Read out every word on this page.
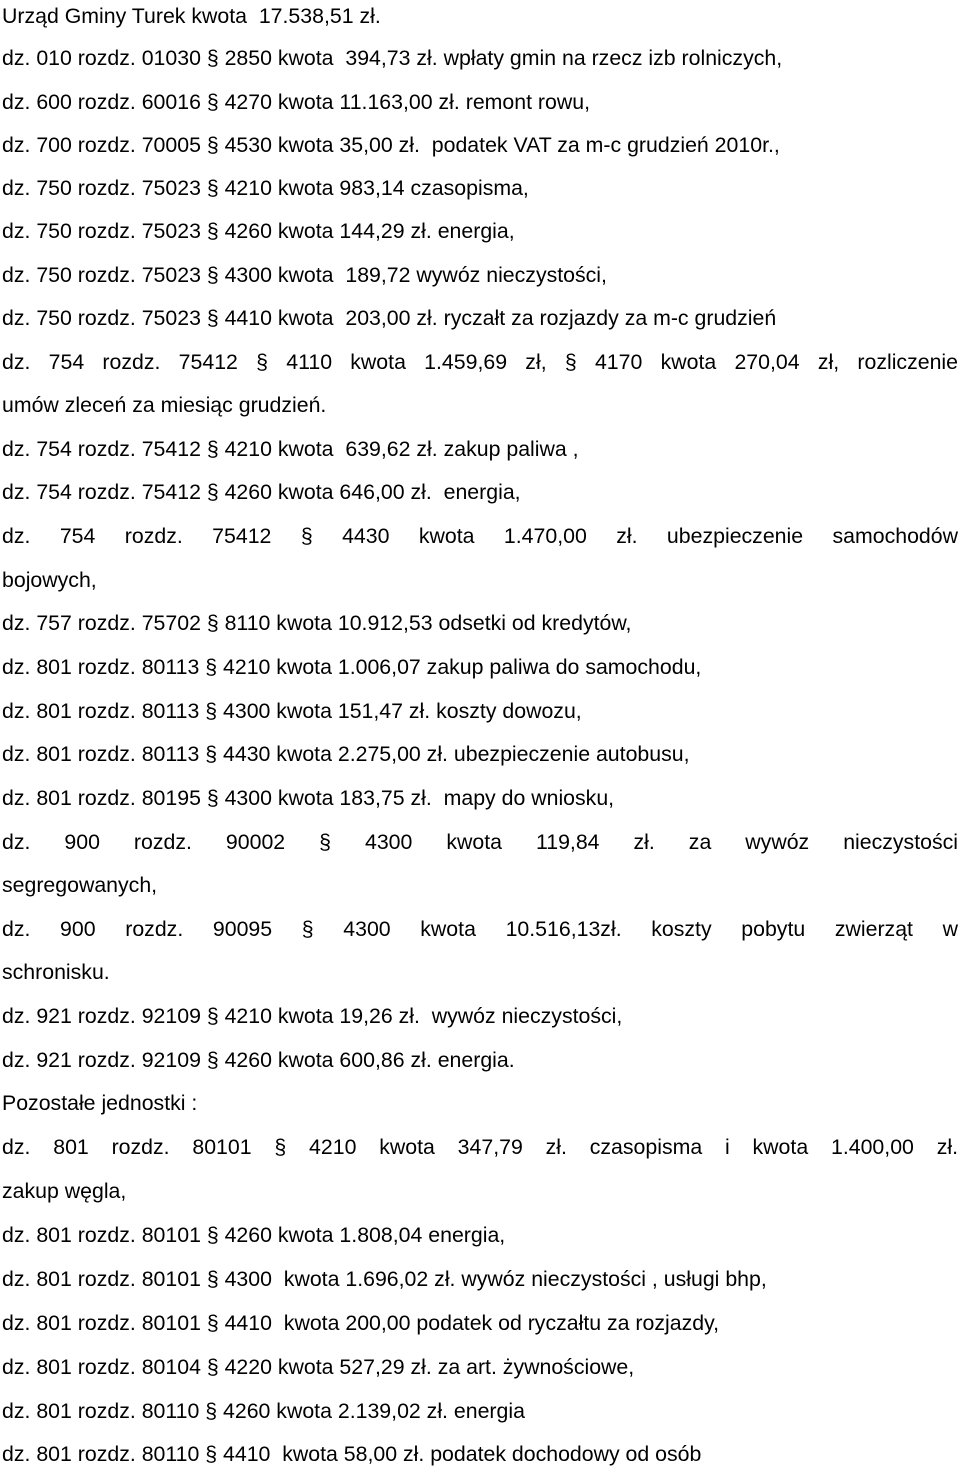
Urząd Gminy Turek kwota  17.538,51 zł.
dz. 010 rozdz. 01030 § 2850 kwota  394,73 zł. wpłaty gmin na rzecz izb rolniczych,
dz. 600 rozdz. 60016 § 4270 kwota 11.163,00 zł. remont rowu,
dz. 700 rozdz. 70005 § 4530 kwota 35,00 zł.  podatek VAT za m-c grudzień 2010r.,
dz. 750 rozdz. 75023 § 4210 kwota 983,14 czasopisma,
dz. 750 rozdz. 75023 § 4260 kwota 144,29 zł. energia,
dz. 750 rozdz. 75023 § 4300 kwota  189,72 wywóz nieczystości,
dz. 750 rozdz. 75023 § 4410 kwota  203,00 zł. ryczałt za rozjazdy za m-c grudzień
dz. 754 rozdz. 75412 § 4110 kwota 1.459,69 zł, § 4170 kwota 270,04 zł, rozliczenie
umów zleceń za miesiąc grudzień.
dz. 754 rozdz. 75412 § 4210 kwota  639,62 zł. zakup paliwa ,
dz. 754 rozdz. 75412 § 4260 kwota 646,00 zł.  energia,
dz. 754 rozdz. 75412 § 4430 kwota 1.470,00 zł. ubezpieczenie samochodów
bojowych,
dz. 757 rozdz. 75702 § 8110 kwota 10.912,53 odsetki od kredytów,
dz. 801 rozdz. 80113 § 4210 kwota 1.006,07 zakup paliwa do samochodu,
dz. 801 rozdz. 80113 § 4300 kwota 151,47 zł. koszty dowozu,
dz. 801 rozdz. 80113 § 4430 kwota 2.275,00 zł. ubezpieczenie autobusu,
dz. 801 rozdz. 80195 § 4300 kwota 183,75 zł.  mapy do wniosku,
dz. 900 rozdz. 90002 § 4300 kwota 119,84 zł. za wywóz nieczystości
segregowanych,
dz. 900 rozdz. 90095 § 4300 kwota 10.516,13zł. koszty pobytu zwierząt w
schronisku.
dz. 921 rozdz. 92109 § 4210 kwota 19,26 zł.  wywóz nieczystości,
dz. 921 rozdz. 92109 § 4260 kwota 600,86 zł. energia.
Pozostałe jednostki :
dz. 801 rozdz. 80101 § 4210 kwota 347,79 zł. czasopisma i kwota 1.400,00 zł.
zakup węgla,
dz. 801 rozdz. 80101 § 4260 kwota 1.808,04 energia,
dz. 801 rozdz. 80101 § 4300  kwota 1.696,02 zł. wywóz nieczystości , usługi bhp,
dz. 801 rozdz. 80101 § 4410  kwota 200,00 podatek od ryczałtu za rozjazdy,
dz. 801 rozdz. 80104 § 4220 kwota 527,29 zł. za art. żywnościowe,
dz. 801 rozdz. 80110 § 4260 kwota 2.139,02 zł. energia
dz. 801 rozdz. 80110 § 4410  kwota 58,00 zł. podatek dochodowy od osób
